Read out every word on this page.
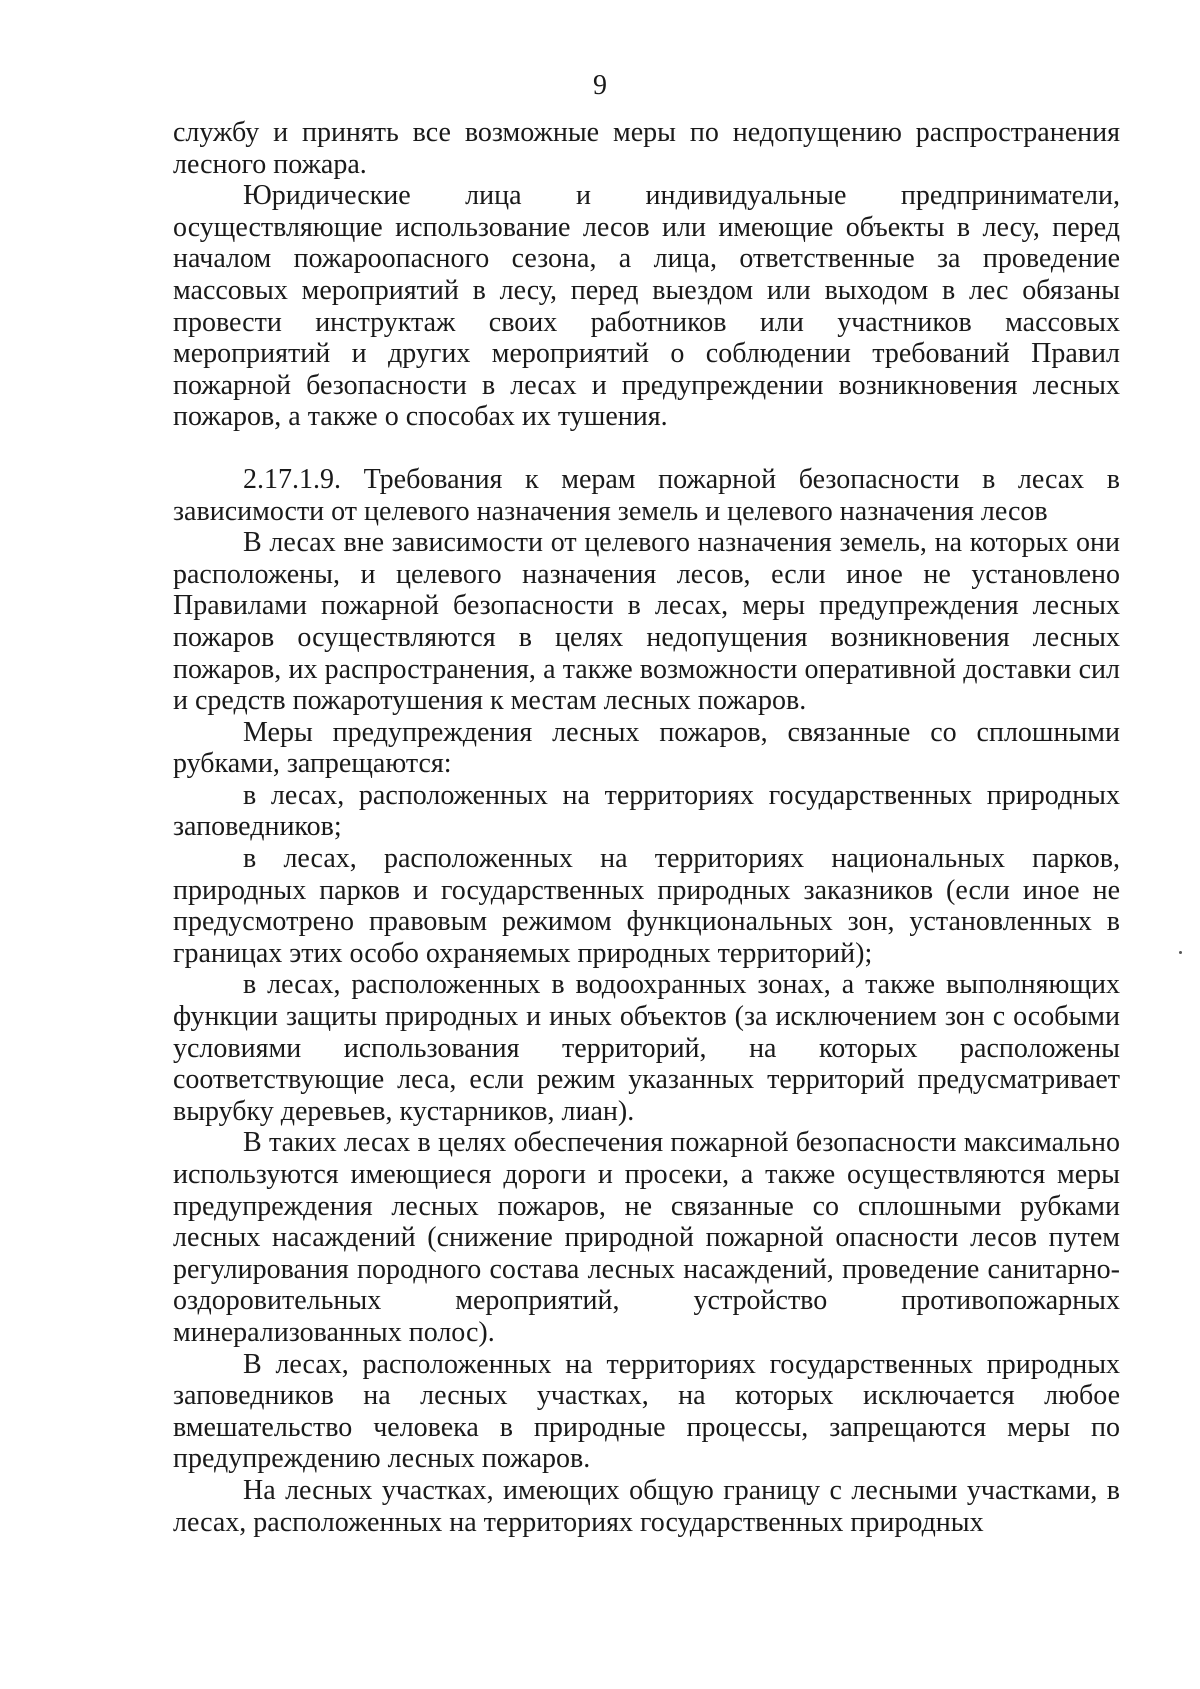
9

службу и принять все возможные меры по недопущению распространения лесного пожара.

Юридические лица и индивидуальные предприниматели, осуществляющие использование лесов или имеющие объекты в лесу, перед началом пожароопасного сезона, а лица, ответственные за проведение массовых мероприятий в лесу, перед выездом или выходом в лес обязаны провести инструктаж своих работников или участников массовых мероприятий и других мероприятий о соблюдении требований Правил пожарной безопасности в лесах и предупреждении возникновения лесных пожаров, а также о способах их тушения.

2.17.1.9. Требования к мерам пожарной безопасности в лесах в зависимости от целевого назначения земель и целевого назначения лесов

В лесах вне зависимости от целевого назначения земель, на которых они расположены, и целевого назначения лесов, если иное не установлено Правилами пожарной безопасности в лесах, меры предупреждения лесных пожаров осуществляются в целях недопущения возникновения лесных пожаров, их распространения, а также возможности оперативной доставки сил и средств пожаротушения к местам лесных пожаров.

Меры предупреждения лесных пожаров, связанные со сплошными рубками, запрещаются:

в лесах, расположенных на территориях государственных природных заповедников;

в лесах, расположенных на территориях национальных парков, природных парков и государственных природных заказников (если иное не предусмотрено правовым режимом функциональных зон, установленных в границах этих особо охраняемых природных территорий);

в лесах, расположенных в водоохранных зонах, а также выполняющих функции защиты природных и иных объектов (за исключением зон с особыми условиями использования территорий, на которых расположены соответствующие леса, если режим указанных территорий предусматривает вырубку деревьев, кустарников, лиан).

В таких лесах в целях обеспечения пожарной безопасности максимально используются имеющиеся дороги и просеки, а также осуществляются меры предупреждения лесных пожаров, не связанные со сплошными рубками лесных насаждений (снижение природной пожарной опасности лесов путем регулирования породного состава лесных насаждений, проведение санитарно-оздоровительных мероприятий, устройство противопожарных минерализованных полос).

В лесах, расположенных на территориях государственных природных заповедников на лесных участках, на которых исключается любое вмешательство человека в природные процессы, запрещаются меры по предупреждению лесных пожаров.

На лесных участках, имеющих общую границу с лесными участками, в лесах, расположенных на территориях государственных природных
